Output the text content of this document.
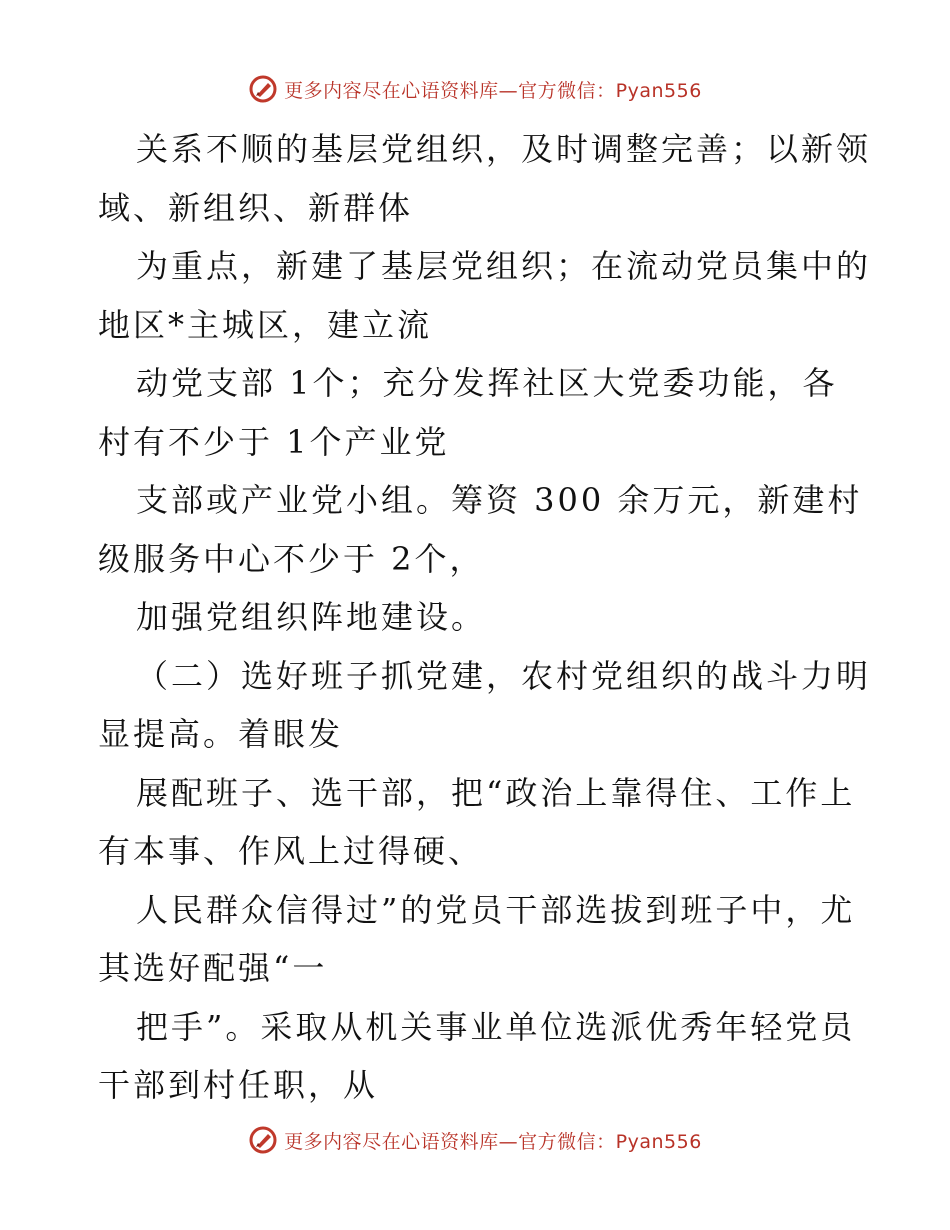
更多内容尽在心语资料库—官方微信：Pyan556
关系不顺的基层党组织，及时调整完善；以新领
域、新组织、新群体
为重点，新建了基层党组织；在流动党员集中的
地区*主城区，建立流
动党支部 1个；充分发挥社区大党委功能，各
村有不少于 1个产业党
支部或产业党小组。筹资 300 余万元，新建村
级服务中心不少于 2个，
加强党组织阵地建设。
（二）选好班子抓党建，农村党组织的战斗力明
显提高。着眼发
展配班子、选干部，把“政治上靠得住、工作上
有本事、作风上过得硬、
人民群众信得过”的党员干部选拔到班子中，尤
其选好配强“一
把手”。采取从机关事业单位选派优秀年轻党员
干部到村任职，从
更多内容尽在心语资料库—官方微信：Pyan556
